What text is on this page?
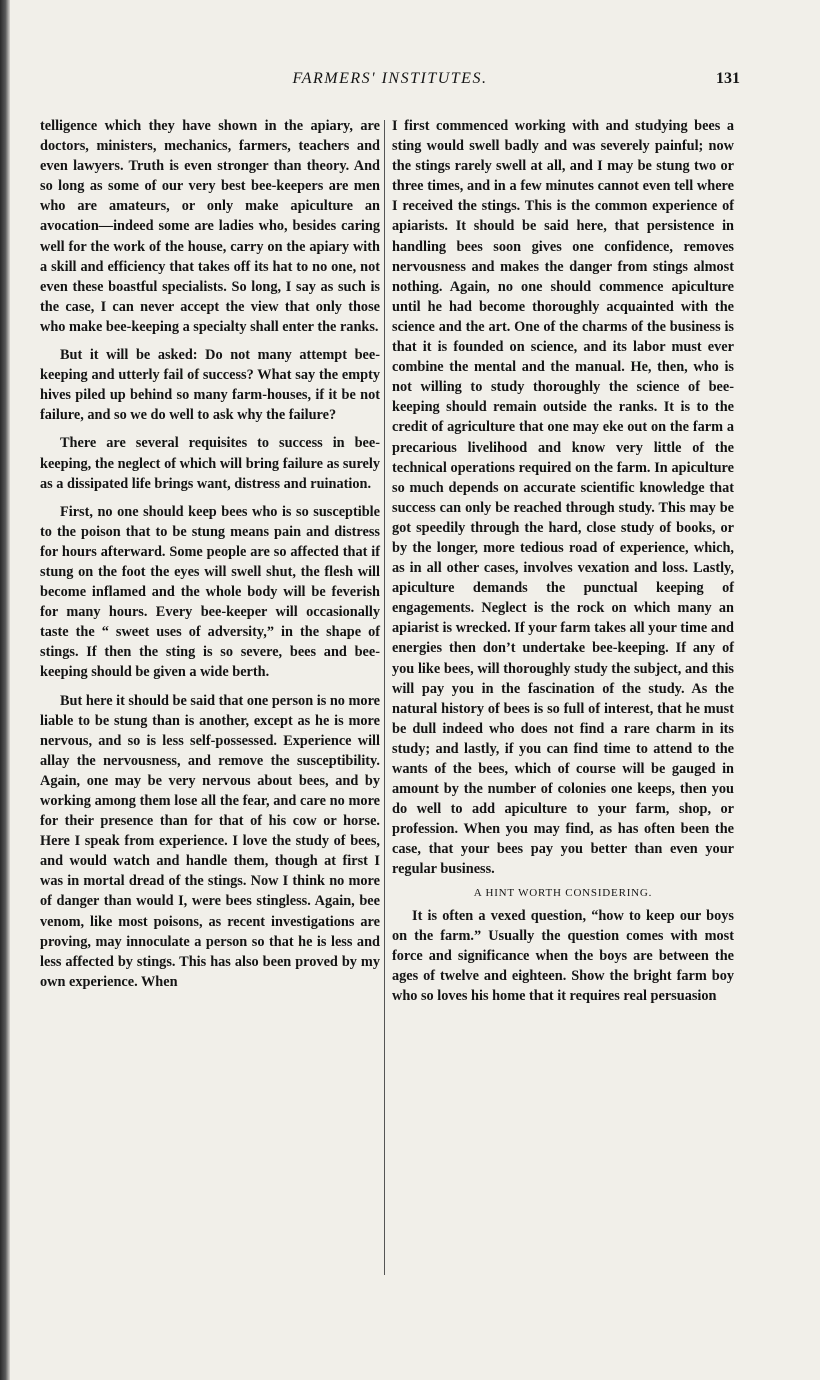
FARMERS' INSTITUTES.	131

telligence which they have shown in the apiary, are doctors, ministers, mechanics, farmers, teachers and even lawyers. Truth is even stronger than theory. And so long as some of our very best bee-keepers are men who are amateurs, or only make apiculture an avocation—indeed some are ladies who, besides caring well for the work of the house, carry on the apiary with a skill and efficiency that takes off its hat to no one, not even these boastful specialists. So long, I say as such is the case, I can never accept the view that only those who make bee-keeping a specialty shall enter the ranks.

But it will be asked: Do not many attempt bee-keeping and utterly fail of success? What say the empty hives piled up behind so many farm-houses, if it be not failure, and so we do well to ask why the failure?

There are several requisites to success in bee-keeping, the neglect of which will bring failure as surely as a dissipated life brings want, distress and ruination.

First, no one should keep bees who is so susceptible to the poison that to be stung means pain and distress for hours afterward. Some people are so affected that if stung on the foot the eyes will swell shut, the flesh will become inflamed and the whole body will be feverish for many hours. Every bee-keeper will occasionally taste the “ sweet uses of adversity,” in the shape of stings. If then the sting is so severe, bees and bee-keeping should be given a wide berth.

But here it should be said that one person is no more liable to be stung than is another, except as he is more nervous, and so is less self-possessed. Experience will allay the nervousness, and remove the susceptibility. Again, one may be very nervous about bees, and by working among them lose all the fear, and care no more for their presence than for that of his cow or horse. Here I speak from experience. I love the study of bees, and would watch and handle them, though at first I was in mortal dread of the stings. Now I think no more of danger than would I, were bees stingless. Again, bee venom, like most poisons, as recent investigations are proving, may innoculate a person so that he is less and less affected by stings. This has also been proved by my own experience. When

I first commenced working with and studying bees a sting would swell badly and was severely painful; now the stings rarely swell at all, and I may be stung two or three times, and in a few minutes cannot even tell where I received the stings. This is the common experience of apiarists. It should be said here, that persistence in handling bees soon gives one confidence, removes nervousness and makes the danger from stings almost nothing. Again, no one should commence apiculture until he had become thoroughly acquainted with the science and the art. One of the charms of the business is that it is founded on science, and its labor must ever combine the mental and the manual. He, then, who is not willing to study thoroughly the science of bee-keeping should remain outside the ranks. It is to the credit of agriculture that one may eke out on the farm a precarious livelihood and know very little of the technical operations required on the farm. In apiculture so much depends on accurate scientific knowledge that success can only be reached through study. This may be got speedily through the hard, close study of books, or by the longer, more tedious road of experience, which, as in all other cases, involves vexation and loss. Lastly, apiculture demands the punctual keeping of engagements. Neglect is the rock on which many an apiarist is wrecked. If your farm takes all your time and energies then don’t undertake bee-keeping. If any of you like bees, will thoroughly study the subject, and this will pay you in the fascination of the study. As the natural history of bees is so full of interest, that he must be dull indeed who does not find a rare charm in its study; and lastly, if you can find time to attend to the wants of the bees, which of course will be gauged in amount by the number of colonies one keeps, then you do well to add apiculture to your farm, shop, or profession. When you may find, as has often been the case, that your bees pay you better than even your regular business.

A HINT WORTH CONSIDERING.

It is often a vexed question, “how to keep our boys on the farm.” Usually the question comes with most force and significance when the boys are between the ages of twelve and eighteen. Show the bright farm boy who so loves his home that it requires real persuasion
